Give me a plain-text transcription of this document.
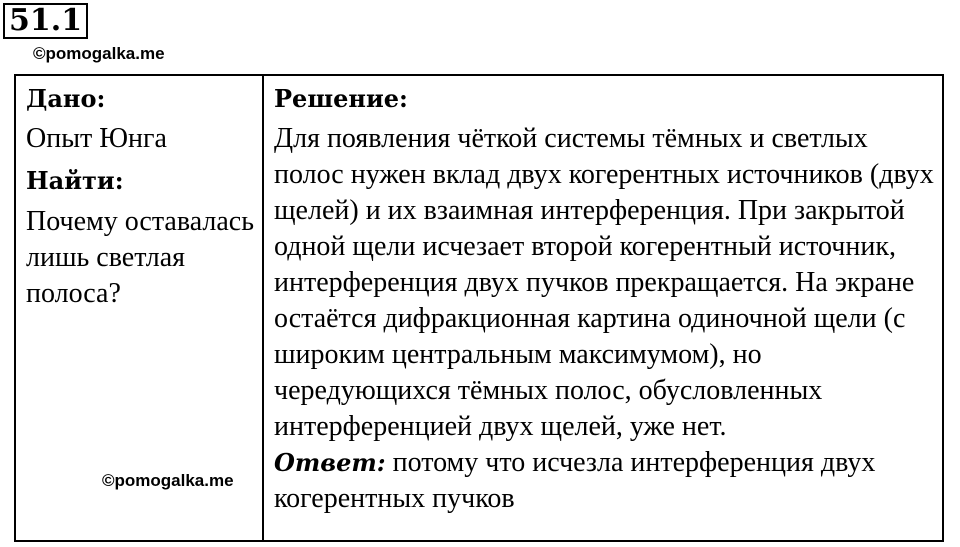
51.1
©pomogalka.me
Дано:
Опыт Юнга
Найти:
Почему оставалась лишь светлая полоса?
Решение:
Для появления чёткой системы тёмных и светлых полос нужен вклад двух когерентных источников (двух щелей) и их взаимная интерференция. При закрытой одной щели исчезает второй когерентный источник, интерференция двух пучков прекращается. На экране остаётся дифракционная картина одиночной щели (с широким центральным максимумом), но чередующихся тёмных полос, обусловленных интерференцией двух щелей, уже нет.
Ответ: потому что исчезла интерференция двух когерентных пучков
©pomogalka.me
